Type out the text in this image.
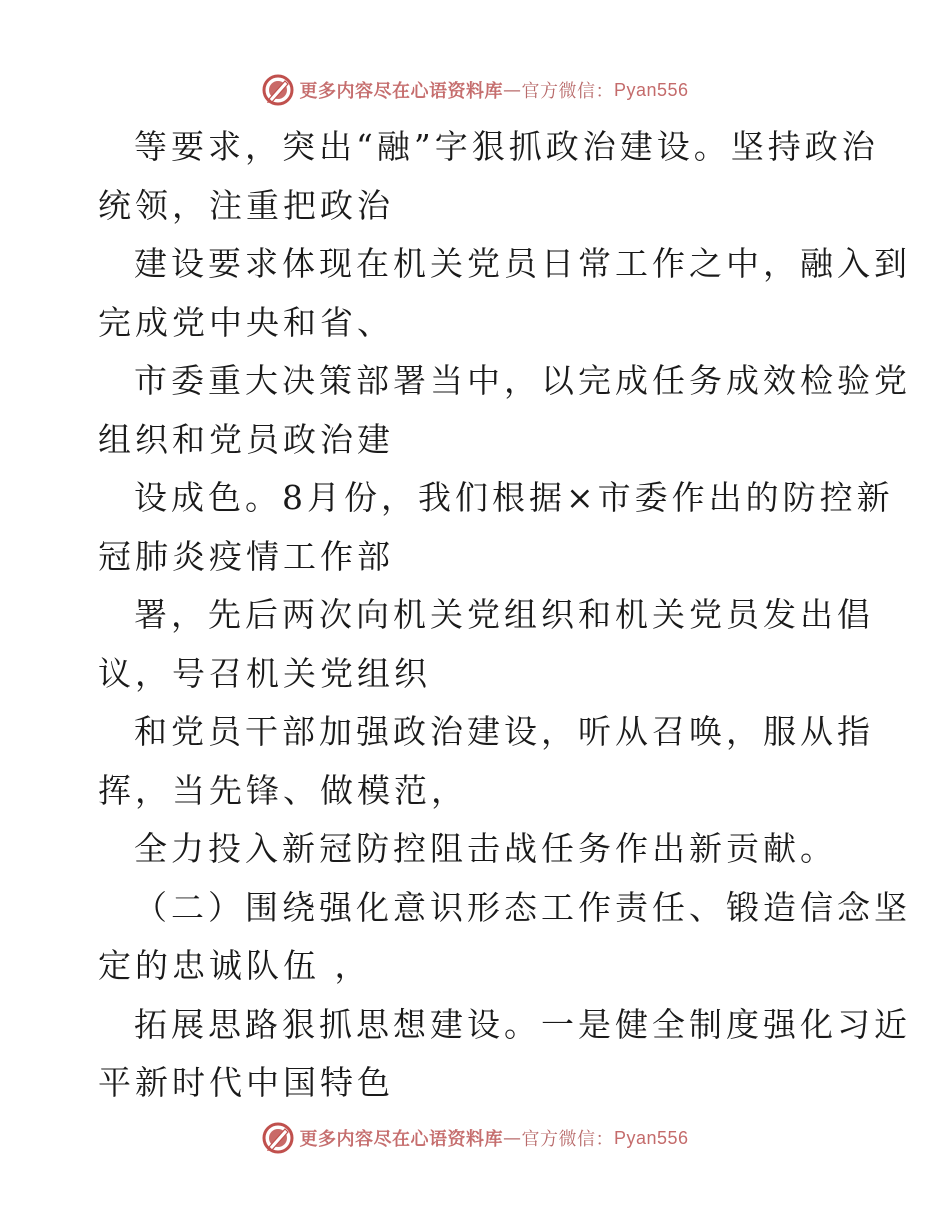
更多内容尽在心语资料库 — 官方微信： Pyan556
等要求，突出“融”字狠抓政治建设。坚持政治
统领，注重把政治
建设要求体现在机关党员日常工作之中，融入到
完成党中央和省、
市委重大决策部署当中，以完成任务成效检验党
组织和党员政治建
设成色。8月份，我们根据×市委作出的防控新
冠肺炎疫情工作部
署，先后两次向机关党组织和机关党员发出倡
议，号召机关党组织
和党员干部加强政治建设，听从召唤，服从指
挥，当先锋、做模范，
全力投入新冠防控阻击战任务作出新贡献。
（二）围绕强化意识形态工作责任、锻造信念坚
定的忠诚队伍 ，
拓展思路狠抓思想建设。一是健全制度强化习近
平新时代中国特色
更多内容尽在心语资料库 — 官方微信： Pyan556
